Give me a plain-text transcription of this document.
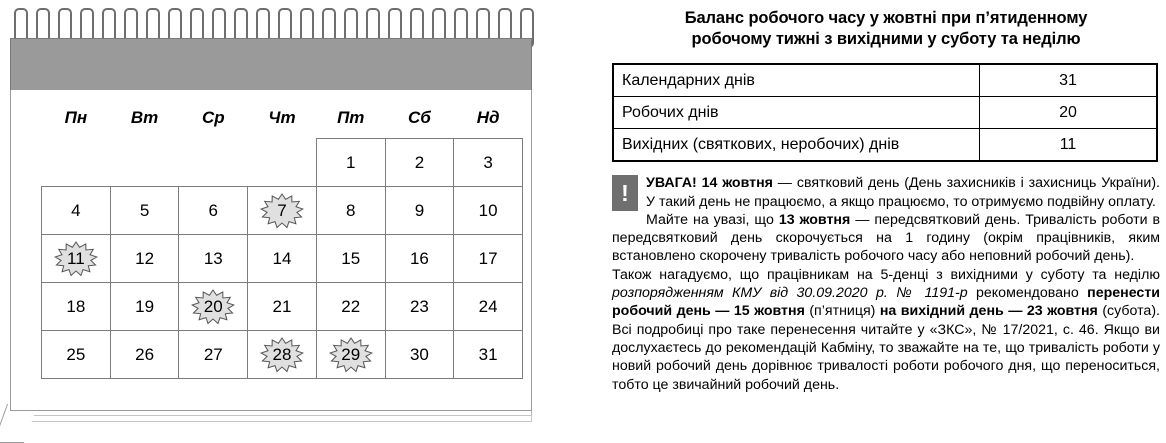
Пн	Вт	Ср	Чт	Пт	Сб	Нд
				1	2	3
4	5	6	7	8	9	10

11	12	13	14	15	16	17
18	19	20	21	22	23	24
25	26	27	28	29	30	31
Баланс робочого часу у жовтні при п’ятиденному
робочому тижні з вихідними у суботу та неділю
Календарних днів	31
Робочих днів	20
Вихідних (святкових, неробочих) днів	11
!	УВАГА! 14 жовтня — святковий день (День захисників і захисниць України). У такий день не працюємо, а якщо працюємо, то отримуємо подвійну оплату.

Майте на увазі, що 13 жовтня — передсвятковий день. Тривалість роботи в передсвятковий день скорочується на 1 годину (окрім працівників, яким встановлено скорочену тривалість робочого часу або неповний робочий день).

Також нагадуємо, що працівникам на 5-денці з вихідними у суботу та неділю розпорядженням КМУ від 30.09.2020 р. № 1191-р рекомендовано перенести робочий день — 15 жовтня (п’ятниця) на вихідний день — 23 жовтня (субота). Всі подробиці про таке перенесення читайте у «ЗКС», № 17/2021, с. 46. Якщо ви дослухаєтесь до рекомендацій Кабміну, то зважайте на те, що тривалість роботи у новий робочий день дорівнює тривалості роботи робочого дня, що переноситься, тобто це звичайний робочий день.
